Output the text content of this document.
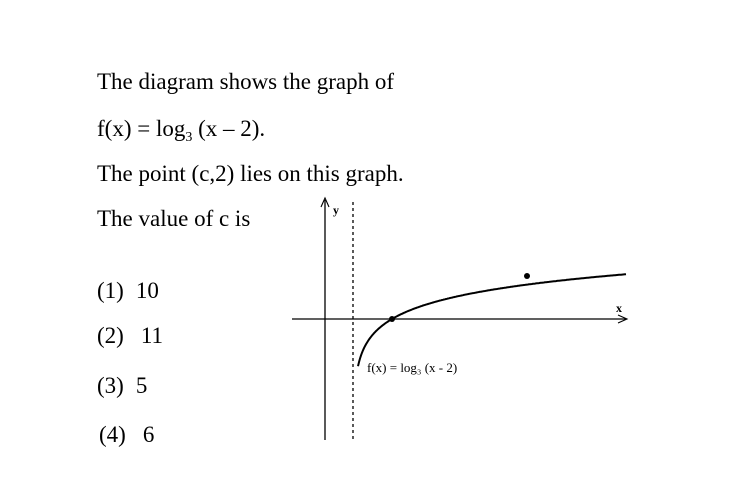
The diagram shows the graph of
$f(x) = \log_3 (x - 2)$.
The point (c,2) lies on this graph.
The value of c is
(1) 10
(2) 11
(3) 5
(4) 6
y
x
f(x) = log₃ (x - 2)
